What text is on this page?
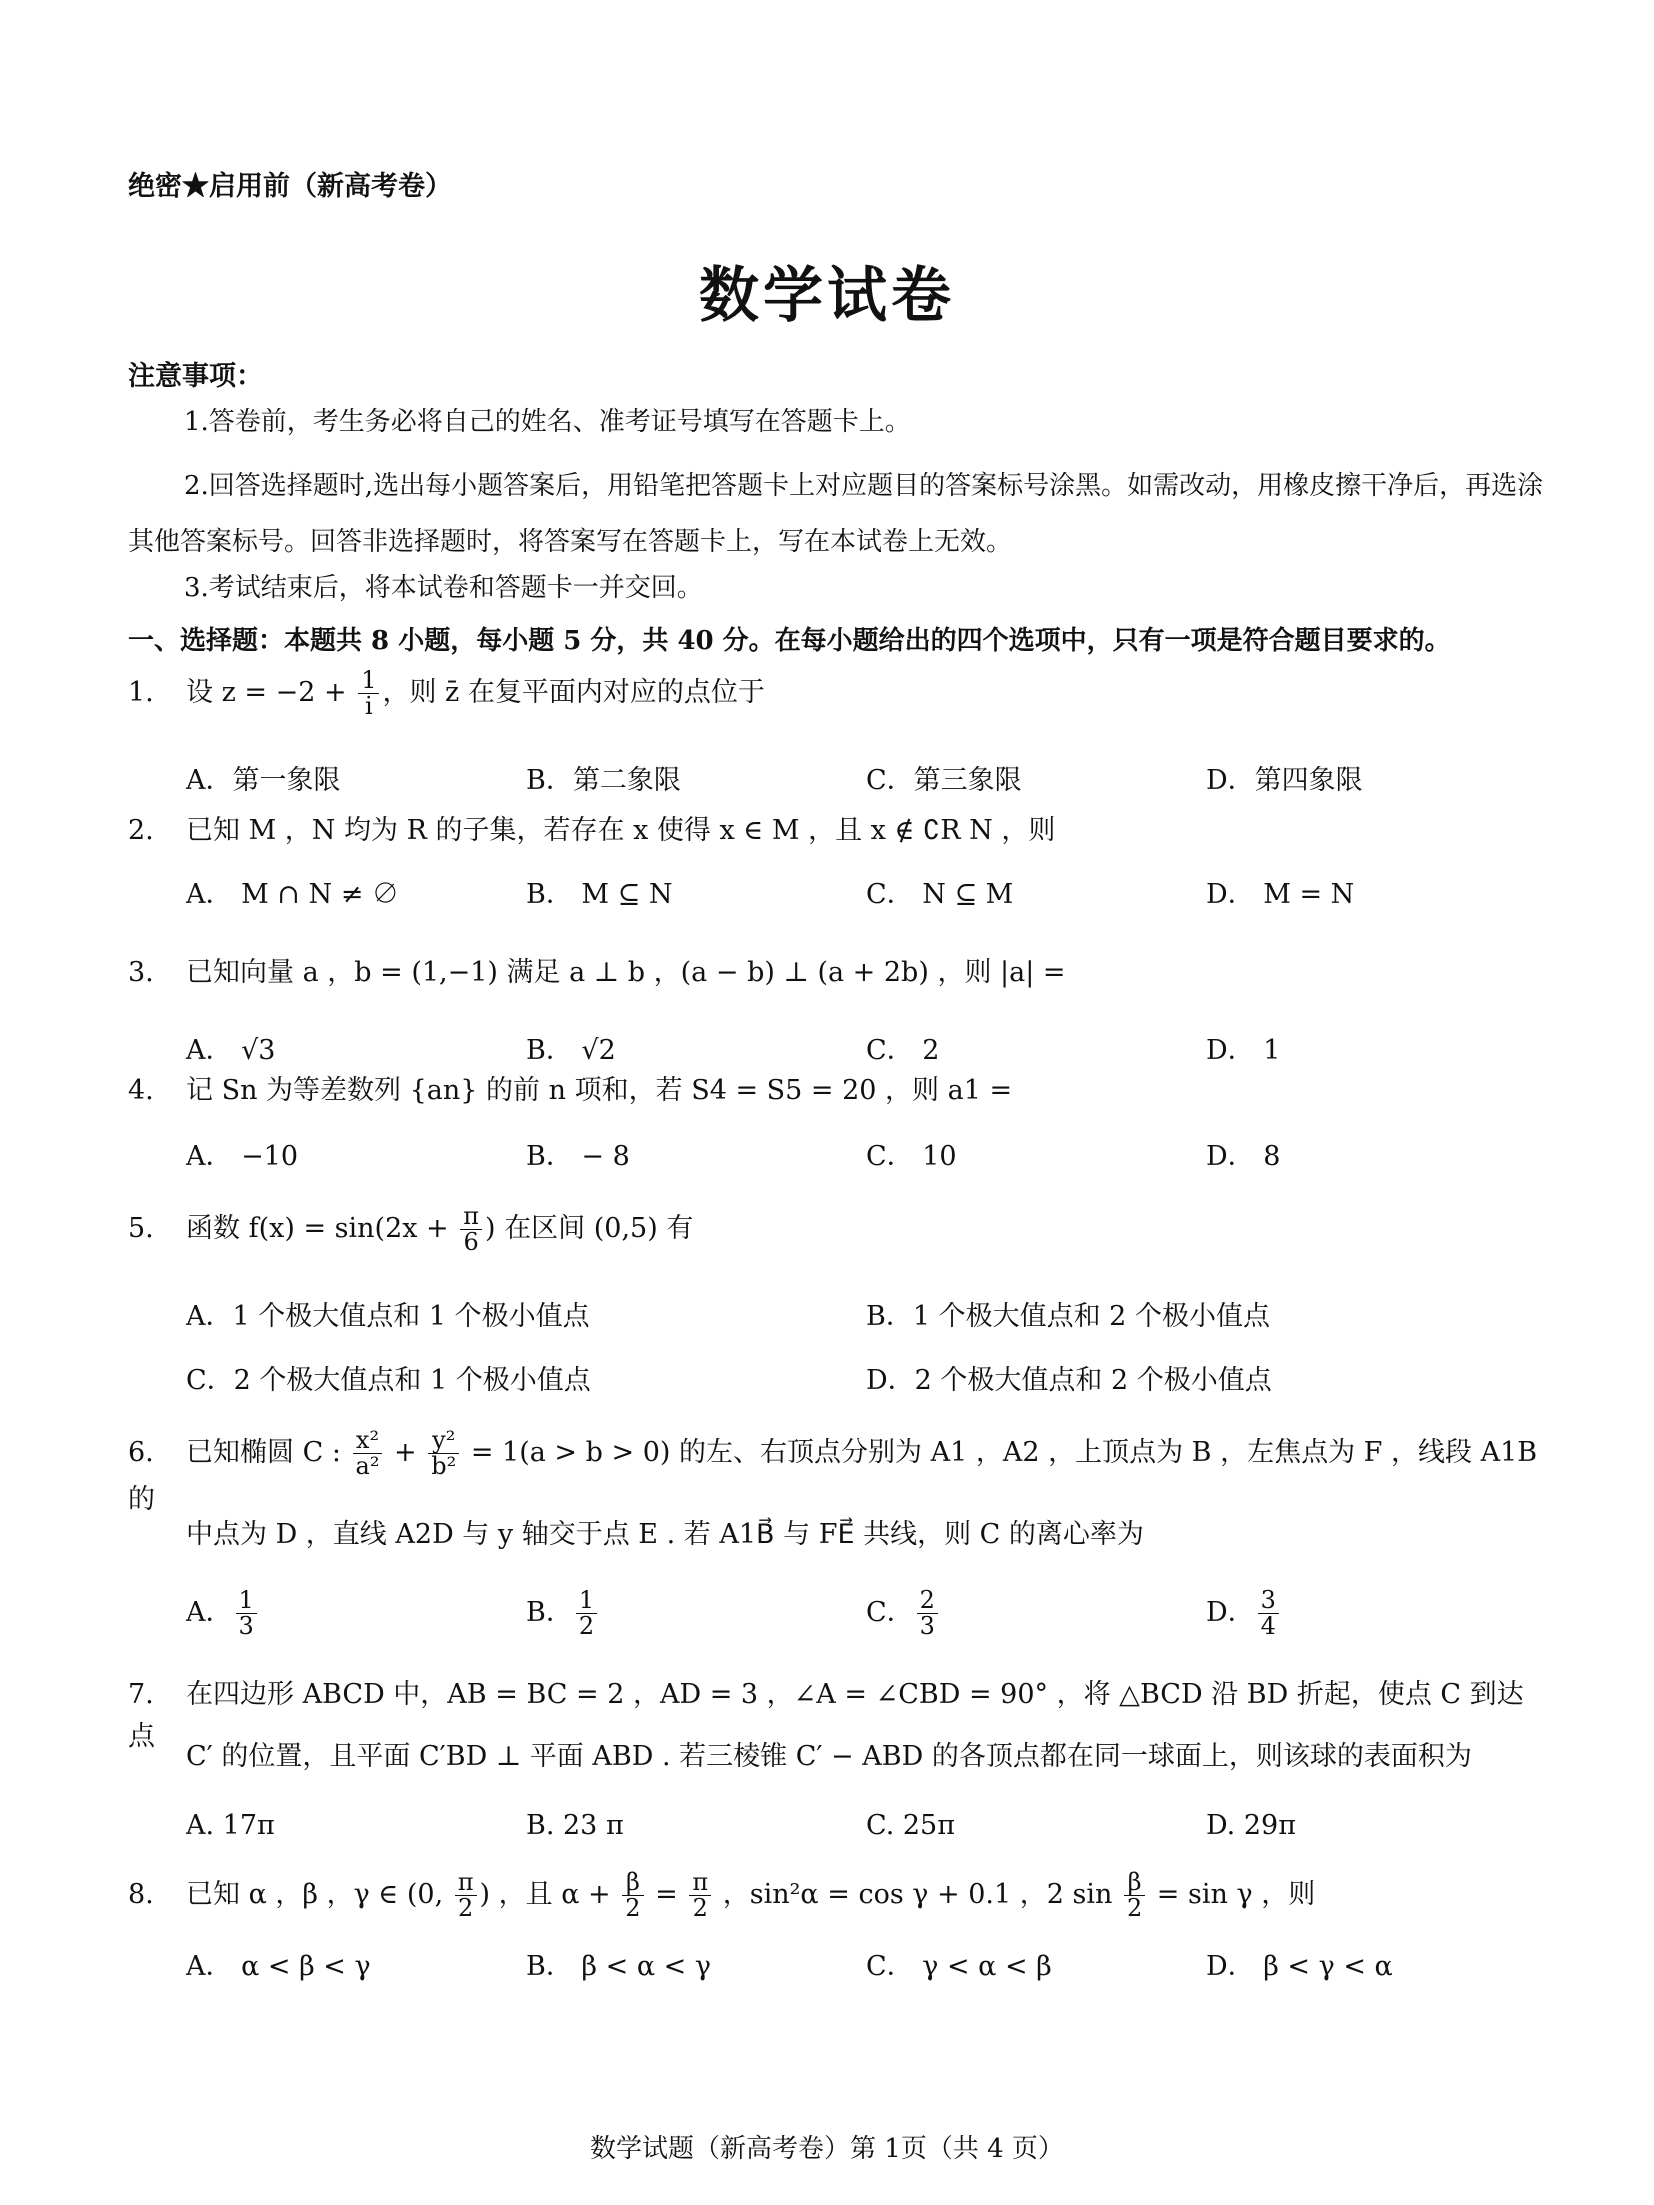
绝密★启用前（新高考卷）
数学试卷
注意事项：
1.答卷前，考生务必将自己的姓名、准考证号填写在答题卡上。
2.回答选择题时,选出每小题答案后，用铅笔把答题卡上对应题目的答案标号涂黑。如需改动，用橡皮擦干净后，再选涂其他答案标号。回答非选择题时，将答案写在答题卡上，写在本试卷上无效。
3.考试结束后，将本试卷和答题卡一并交回。
一、选择题：本题共 8 小题，每小题 5 分，共 40 分。在每小题给出的四个选项中，只有一项是符合题目要求的。
1. 设 $z = -2 + \frac{1}{i}$ ，则 z̄ 在复平面内对应的点位于
A．第一象限	B．第二象限	C．第三象限	D．第四象限
2. 已知 M ，N 均为 R 的子集，若存在 x 使得 x ∈ M ，且 x ∉ ∁R N ，则
A． M ∩ N ≠ ∅	B． M ⊆ N	C． N ⊆ M	D． M = N
3. 已知向量 a ，b = (1,−1) 满足 a ⊥ b ，(a − b) ⊥ (a + 2b) ，则 |a| =
A． √3	B． √2	C． 2	D． 1
4. 记 Sn 为等差数列 {an} 的前 n 项和，若 S4 = S5 = 20 ，则 a1 =
A． −10	B． − 8	C． 10	D． 8
5. 函数 $f(x) = \sin(2x + \frac{\pi}{6}$ ) 在区间 (0,5) 有
A．1 个极大值点和 1 个极小值点	B．1 个极大值点和 2 个极小值点
C．2 个极大值点和 1 个极小值点	D．2 个极大值点和 2 个极小值点
6. 已知椭圆 C : $\frac{\text{x²}}{\text{a²}} + \frac{\text{y²}}{\text{b²}} = 1(a > b > 0)$ 的左、右顶点分别为 A1 ，A2 ，上顶点为 B ，左焦点为 F ，线段 A1B 的
中点为 D ，直线 A2D 与 y 轴交于点 E . 若 A1B⃗ 与 FE⃗ 共线，则 C 的离心率为
A． $\frac{1}{3}$	B． $\frac{1}{2}$	C． $\frac{2}{3}$	D． $\frac{3}{4}$
7. 在四边形 ABCD 中，AB = BC = 2 ，AD = 3 ，∠A = ∠CBD = 90° ，将 △BCD 沿 BD 折起，使点 C 到达点
C′ 的位置，且平面 C′BD ⊥ 平面 ABD . 若三棱锥 C′ − ABD 的各顶点都在同一球面上，则该球的表面积为
A. 17π	B. 23 π	C. 25π	D. 29π
8. 已知 α ，β ，γ ∈ (0, $\frac{\pi}{2}$ ) ，且 $\alpha + \frac{\beta}{2} = \frac{\pi}{2}$ ，sin²α = cos γ + 0.1 ，2 $\sin \frac{\beta}{2} = \sin \gamma$ ，则
A． α < β < γ	B． β < α < γ	C． γ < α < β	D． β < γ < α
数学试题（新高考卷）第 1页（共 4 页）
